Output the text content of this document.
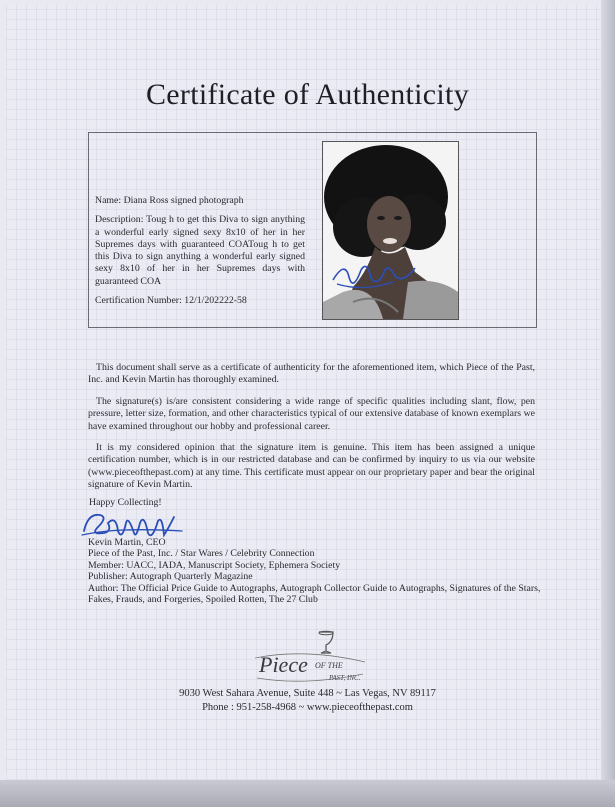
Certificate of Authenticity

Name: Diana Ross signed photograph

Description: Toug h to get this Diva to sign anything a wonderful early signed sexy 8x10 of her in her Supremes days with guaranteed COAToug h to get this Diva to sign anything a wonderful early signed sexy 8x10 of her in her Supremes days with guaranteed COA

Certification Number: 12/1/202222-58

This document shall serve as a certificate of authenticity for the aforementioned item, which Piece of the Past, Inc. and Kevin Martin has thoroughly examined.

The signature(s) is/are consistent considering a wide range of specific qualities including slant, flow, pen pressure, letter size, formation, and other characteristics typical of our extensive database of known exemplars we have examined throughout our hobby and professional career.

It is my considered opinion that the signature item is genuine. This item has been assigned a unique certification number, which is in our restricted database and can be confirmed by inquiry to us via our website (www.pieceofthepast.com) at any time. This certificate must appear on our proprietary paper and bear the original signature of Kevin Martin.

Happy Collecting!
Kevin Martin, CEO
Piece of the Past, Inc. / Star Wares / Celebrity Connection
Member: UACC, IADA, Manuscript Society, Ephemera Society
Publisher: Autograph Quarterly Magazine
Author: The Official Price Guide to Autographs, Autograph Collector Guide to Autographs, Signatures of the Stars, Fakes, Frauds, and Forgeries, Spoiled Rotten, The 27 Club
Piece OF THE
PAST, INC.
9030 West Sahara Avenue, Suite 448 ~ Las Vegas, NV 89117
Phone : 951-258-4968 ~ www.pieceofthepast.com
